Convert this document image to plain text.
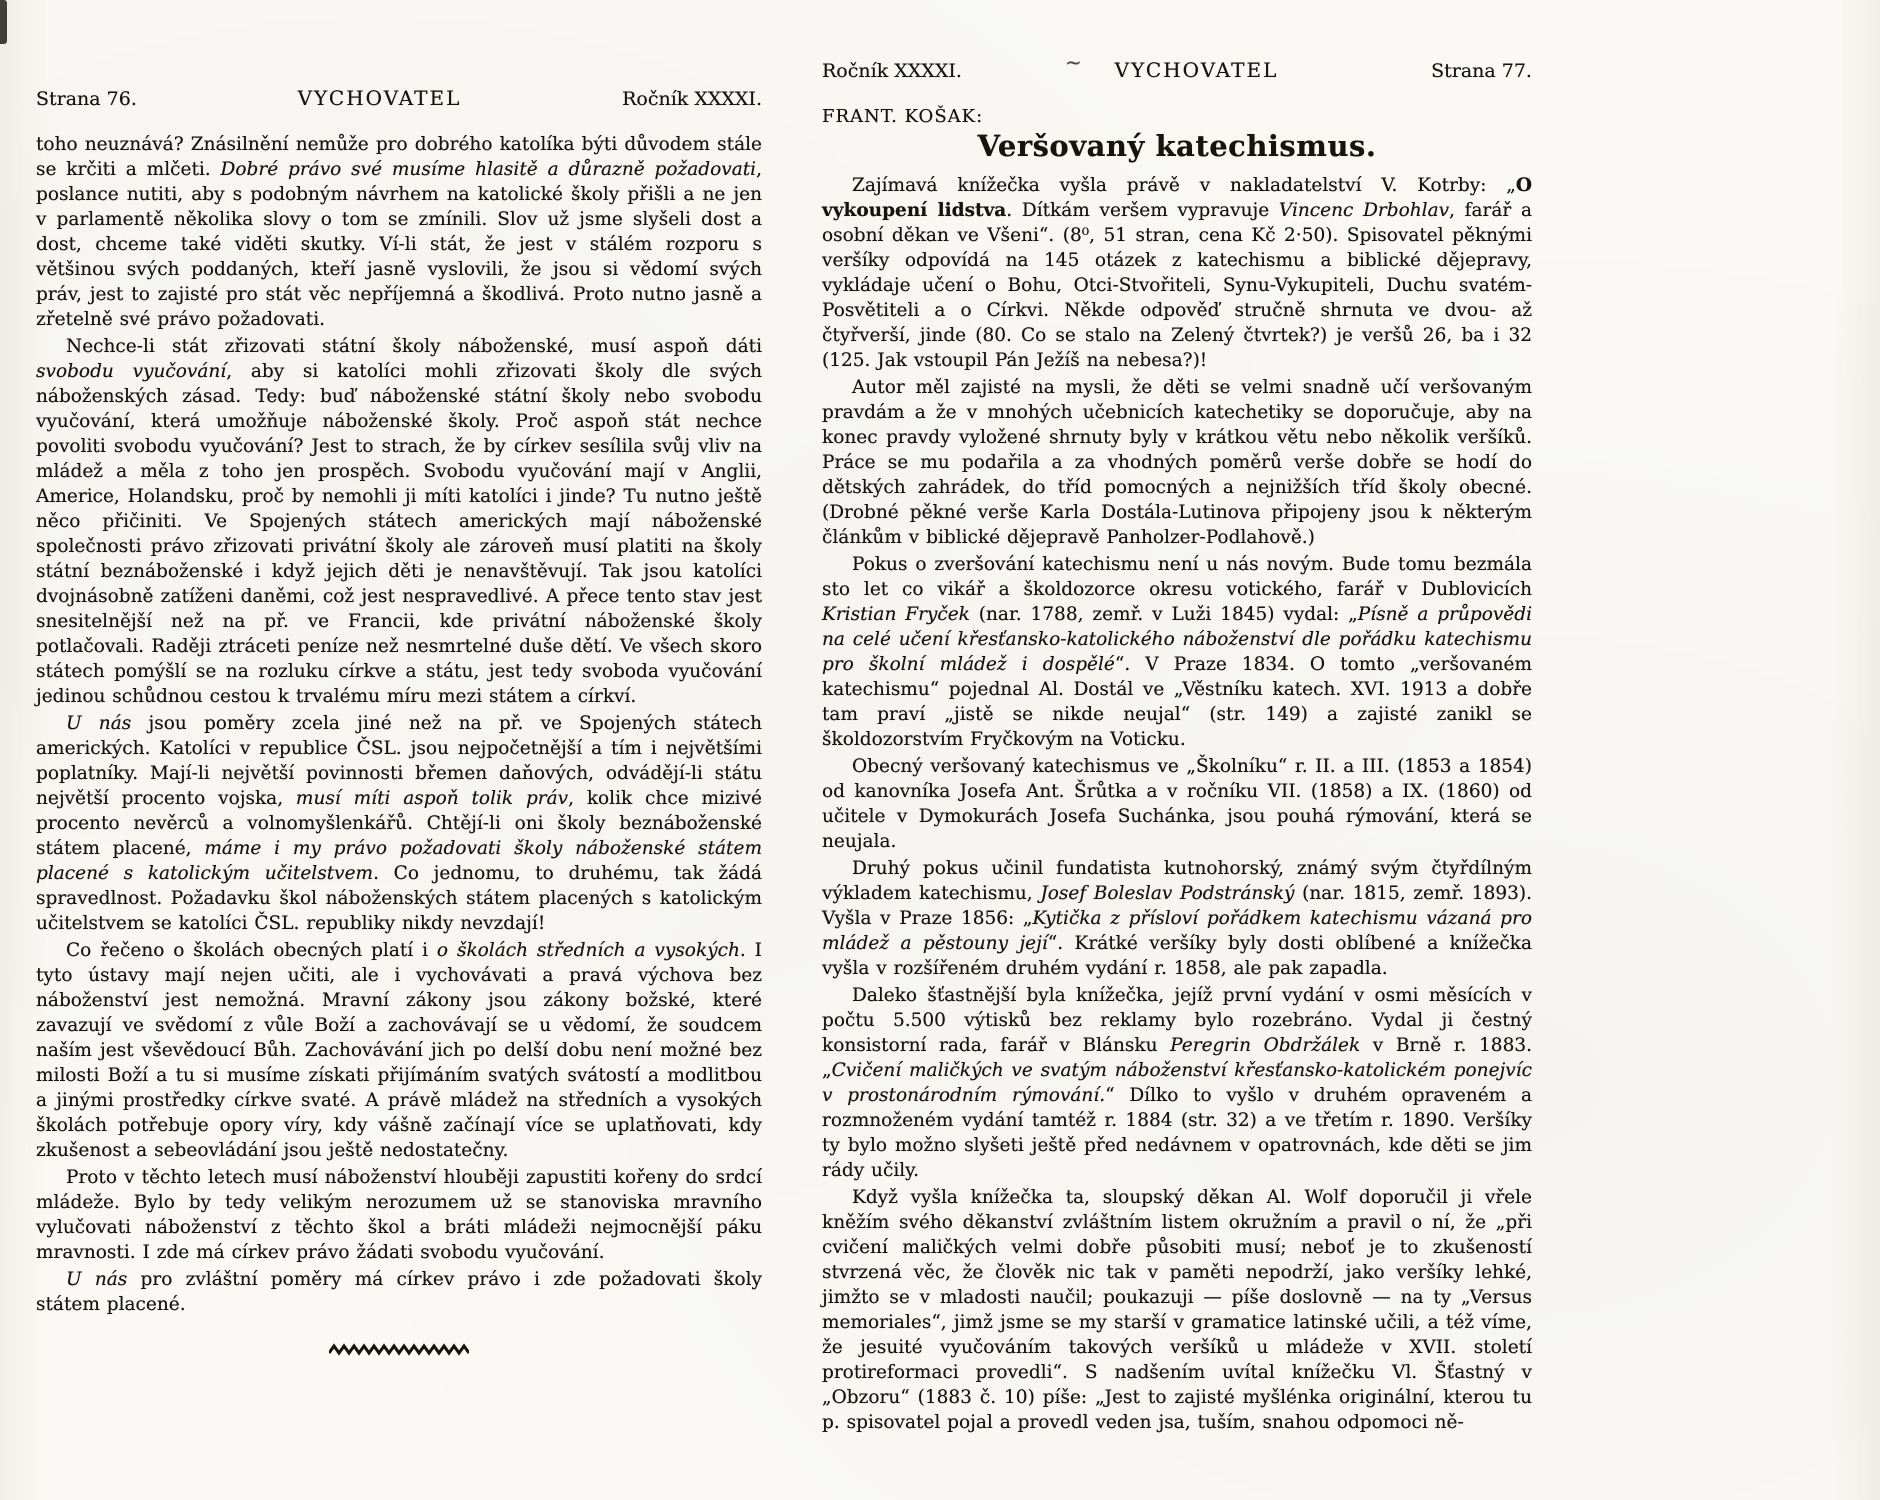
Strana 76.	VYCHOVATEL	Ročník XXXXI.

toho neuznává? Znásilnění nemůže pro dobrého katolíka býti důvodem stále se krčiti a mlčeti. Dobré právo své musíme hlasitě a důrazně požadovati, poslance nutiti, aby s podobným návrhem na katolické školy přišli a ne jen v parlamentě několika slovy o tom se zmínili. Slov už jsme slyšeli dost a dost, chceme také viděti skutky. Ví-li stát, že jest v stálém rozporu s většinou svých poddaných, kteří jasně vyslovili, že jsou si vědomí svých práv, jest to zajisté pro stát věc nepříjemná a škodlivá. Proto nutno jasně a zřetelně své právo požadovati.

Nechce-li stát zřizovati státní školy náboženské, musí aspoň dáti svobodu vyučování, aby si katolíci mohli zřizovati školy dle svých náboženských zásad. Tedy: buď náboženské státní školy nebo svobodu vyučování, která umožňuje náboženské školy. Proč aspoň stát nechce povoliti svobodu vyučování? Jest to strach, že by církev sesílila svůj vliv na mládež a měla z toho jen prospěch. Svobodu vyučování mají v Anglii, Americe, Holandsku, proč by nemohli ji míti katolíci i jinde? Tu nutno ještě něco přičiniti. Ve Spojených státech amerických mají náboženské společnosti právo zřizovati privátní školy ale zároveň musí platiti na školy státní beznáboženské i když jejich děti je nenavštěvují. Tak jsou katolíci dvojnásobně zatíženi daněmi, což jest nespravedlivé. A přece tento stav jest snesitelnější než na př. ve Francii, kde privátní náboženské školy potlačovali. Raději ztráceti peníze než nesmrtelné duše dětí. Ve všech skoro státech pomýšlí se na rozluku církve a státu, jest tedy svoboda vyučování jedinou schůdnou cestou k trvalému míru mezi státem a církví.

U nás jsou poměry zcela jiné než na př. ve Spojených státech amerických. Katolíci v republice ČSL. jsou nejpočetnější a tím i největšími poplatníky. Mají-li největší povinnosti břemen daňových, odvádějí-li státu největší procento vojska, musí míti aspoň tolik práv, kolik chce mizivé procento nevěrců a volnomyšlenkářů. Chtějí-li oni školy beznáboženské státem placené, máme i my právo požadovati školy náboženské státem placené s katolickým učitelstvem. Co jednomu, to druhému, tak žádá spravedlnost. Požadavku škol náboženských státem placených s katolickým učitelstvem se katolíci ČSL. republiky nikdy nevzdají!

Co řečeno o školách obecných platí i o školách středních a vysokých. I tyto ústavy mají nejen učiti, ale i vychovávati a pravá výchova bez náboženství jest nemožná. Mravní zákony jsou zákony božské, které zavazují ve svědomí z vůle Boží a zachovávají se u vědomí, že soudcem naším jest vševědoucí Bůh. Zachovávání jich po delší dobu není možné bez milosti Boží a tu si musíme získati přijímáním svatých svátostí a modlitbou a jinými prostředky církve svaté. A právě mládež na středních a vysokých školách potřebuje opory víry, kdy vášně začínají více se uplatňovati, kdy zkušenost a sebeovládání jsou ještě nedostatečny.

Proto v těchto letech musí náboženství hlouběji zapustiti kořeny do srdcí mládeže. Bylo by tedy velikým nerozumem už se stanoviska mravního vylučovati náboženství z těchto škol a bráti mládeži nejmocnější páku mravnosti. I zde má církev právo žádati svobodu vyučování.

U nás pro zvláštní poměry má církev právo i zde požadovati školy státem placené.

Ročník XXXXI.	VYCHOVATEL	Strana 77.
~
FRANT. KOŠAK:
Veršovaný katechismus.

Zajímavá knížečka vyšla právě v nakladatelství V. Kotrby: „O vykoupení lidstva. Dítkám veršem vypravuje Vincenc Drbohlav, farář a osobní děkan ve Všeni“. (8⁰, 51 stran, cena Kč 2·50). Spisovatel pěknými veršíky odpovídá na 145 otázek z katechismu a biblické dějepravy, vykládaje učení o Bohu, Otci-Stvořiteli, Synu-Vykupiteli, Duchu svatém-Posvětiteli a o Církvi. Někde odpověď stručně shrnuta ve dvou- až čtyřverší, jinde (80. Co se stalo na Zelený čtvrtek?) je veršů 26, ba i 32 (125. Jak vstoupil Pán Ježíš na nebesa?)!

Autor měl zajisté na mysli, že děti se velmi snadně učí veršovaným pravdám a že v mnohých učebnicích katechetiky se doporučuje, aby na konec pravdy vyložené shrnuty byly v krátkou větu nebo několik veršíků. Práce se mu podařila a za vhodných poměrů verše dobře se hodí do dětských zahrádek, do tříd pomocných a nejnižších tříd školy obecné. (Drobné pěkné verše Karla Dostála-Lutinova připojeny jsou k některým článkům v biblické dějepravě Panholzer-Podlahově.)

Pokus o zveršování katechismu není u nás novým. Bude tomu bezmála sto let co vikář a školdozorce okresu votického, farář v Dublovicích Kristian Fryček (nar. 1788, zemř. v Luži 1845) vydal: „Písně a průpovědi na celé učení křesťansko-katolického náboženství dle pořádku katechismu pro školní mládež i dospělé“. V Praze 1834. O tomto „veršovaném katechismu“ pojednal Al. Dostál ve „Věstníku katech. XVI. 1913 a dobře tam praví „jistě se nikde neujal“ (str. 149) a zajisté zanikl se školdozorstvím Fryčkovým na Voticku.

Obecný veršovaný katechismus ve „Školníku“ r. II. a III. (1853 a 1854) od kanovníka Josefa Ant. Šrůtka a v ročníku VII. (1858) a IX. (1860) od učitele v Dymokurách Josefa Suchánka, jsou pouhá rýmování, která se neujala.

Druhý pokus učinil fundatista kutnohorský, známý svým čtyřdílným výkladem katechismu, Josef Boleslav Podstránský (nar. 1815, zemř. 1893). Vyšla v Praze 1856: „Kytička z přísloví pořádkem katechismu vázaná pro mládež a pěstouny její“. Krátké veršíky byly dosti oblíbené a knížečka vyšla v rozšířeném druhém vydání r. 1858, ale pak zapadla.

Daleko šťastnější byla knížečka, jejíž první vydání v osmi měsících v počtu 5.500 výtisků bez reklamy bylo rozebráno. Vydal ji čestný konsistorní rada, farář v Blánsku Peregrin Obdržálek v Brně r. 1883. „Cvičení maličkých ve svatým náboženství křesťansko-katolickém ponejvíc v prostonárodním rýmování.“ Dílko to vyšlo v druhém opraveném a rozmnoženém vydání tamtéž r. 1884 (str. 32) a ve třetím r. 1890. Veršíky ty bylo možno slyšeti ještě před nedávnem v opatrovnách, kde děti se jim rády učily.

Když vyšla knížečka ta, sloupský děkan Al. Wolf doporučil ji vřele kněžím svého děkanství zvláštním listem okružním a pravil o ní, že „při cvičení maličkých velmi dobře působiti musí; neboť je to zkušeností stvrzená věc, že člověk nic tak v paměti nepodrží, jako veršíky lehké, jimžto se v mladosti naučil; poukazuji — píše doslovně — na ty „Versus memoriales“, jimž jsme se my starší v gramatice latinské učili, a též víme, že jesuité vyučováním takových veršíků u mládeže v XVII. století protireformaci provedli“. S nadšením uvítal knížečku Vl. Šťastný v „Obzoru“ (1883 č. 10) píše: „Jest to zajisté myšlénka originální, kterou tu p. spisovatel pojal a provedl veden jsa, tuším, snahou odpomoci ně-
